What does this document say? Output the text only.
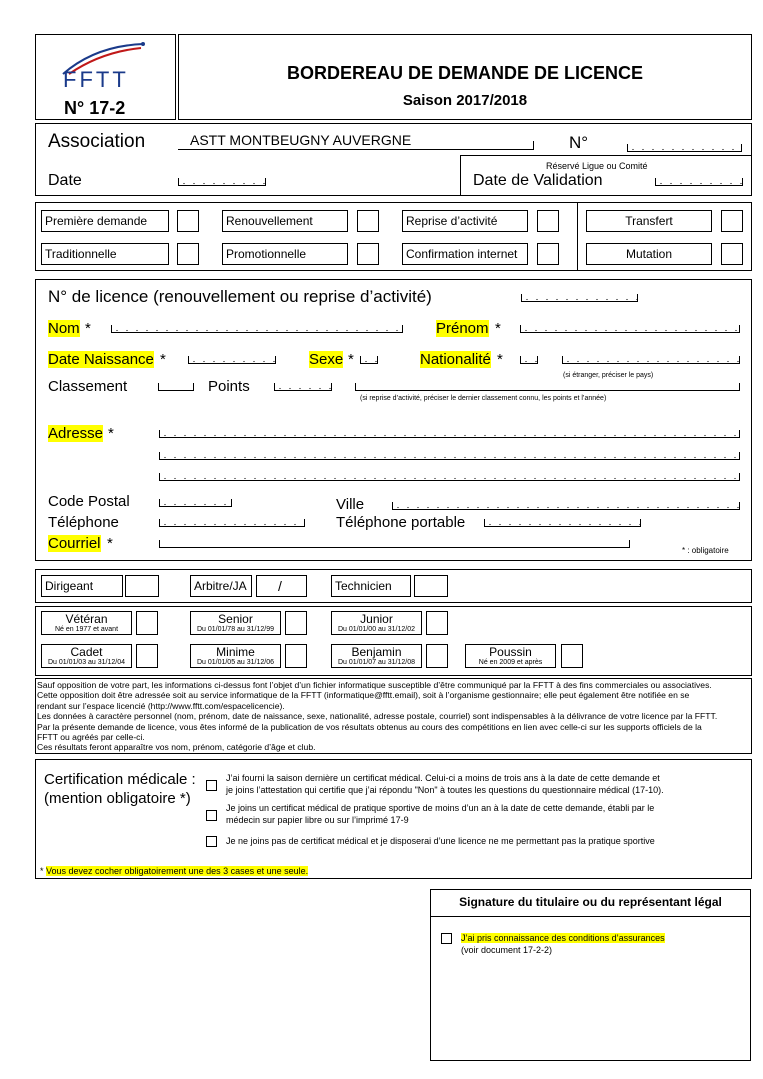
FFTT
N° 17-2
BORDEREAU DE DEMANDE DE LICENCE
Saison 2017/2018
Association	ASTT MONTBEUGNY AUVERGNE	N°
Date
Réservé Ligue ou Comité
Date de Validation
Première demande	Renouvellement	Reprise d’activité	Transfert
Traditionnelle	Promotionnelle	Confirmation internet	Mutation
N° de licence (renouvellement ou reprise d’activité)
Nom *	Prénom *
Date Naissance *	Sexe *	Nationalité *
(si étranger, préciser le pays)
Classement	Points
(si reprise d’activité, préciser le dernier classement connu, les points et l’année)
Adresse *
Code Postal	Ville
Téléphone	Téléphone portable
Courriel *	* : obligatoire
Dirigeant	Arbitre/JA	/	Technicien
Vétéran
Né en 1977 et avant
Senior
Du 01/01/78 au 31/12/99
Junior
Du 01/01/00 au 31/12/02
Cadet
Du 01/01/03 au 31/12/04
Minime
Du 01/01/05 au 31/12/06
Benjamin
Du 01/01/07 au 31/12/08
Poussin
Né en 2009 et après
Sauf opposition de votre part, les informations ci-dessus font l’objet d’un fichier informatique susceptible d’être communiqué par la FFTT à des fins commerciales ou associatives.
Cette opposition doit être adressée soit au service informatique de la FFTT (informatique@fftt.email), soit à l’organisme gestionnaire; elle peut également être notifiée en se
rendant sur l’espace licencié (http://www.fftt.com/espacelicencie).
Les données à caractère personnel (nom, prénom, date de naissance, sexe, nationalité, adresse postale, courriel) sont indispensables à la délivrance de votre licence par la FFTT.
Par la présente demande de licence, vous êtes informé de la publication de vos résultats obtenus au cours des compétitions en lien avec celle-ci sur les supports officiels de la
FFTT ou agréés par celle-ci.
Ces résultats feront apparaître vos nom, prénom, catégorie d’âge et club.
Certification médicale :
(mention obligatoire *)
J’ai fourni la saison dernière un certificat médical. Celui-ci a moins de trois ans à la date de cette demande et
je joins l’attestation qui certifie que j’ai répondu "Non" à toutes les questions du questionnaire médical (17-10).
Je joins un certificat médical de pratique sportive de moins d’un an à la date de cette demande, établi par le
médecin sur papier libre ou sur l’imprimé 17-9
Je ne joins pas de certificat médical et je disposerai d’une licence ne me permettant pas la pratique sportive
* Vous devez cocher obligatoirement une des 3 cases et une seule.
Signature du titulaire ou du représentant légal
J’ai pris connaissance des conditions d’assurances
(voir document 17-2-2)
